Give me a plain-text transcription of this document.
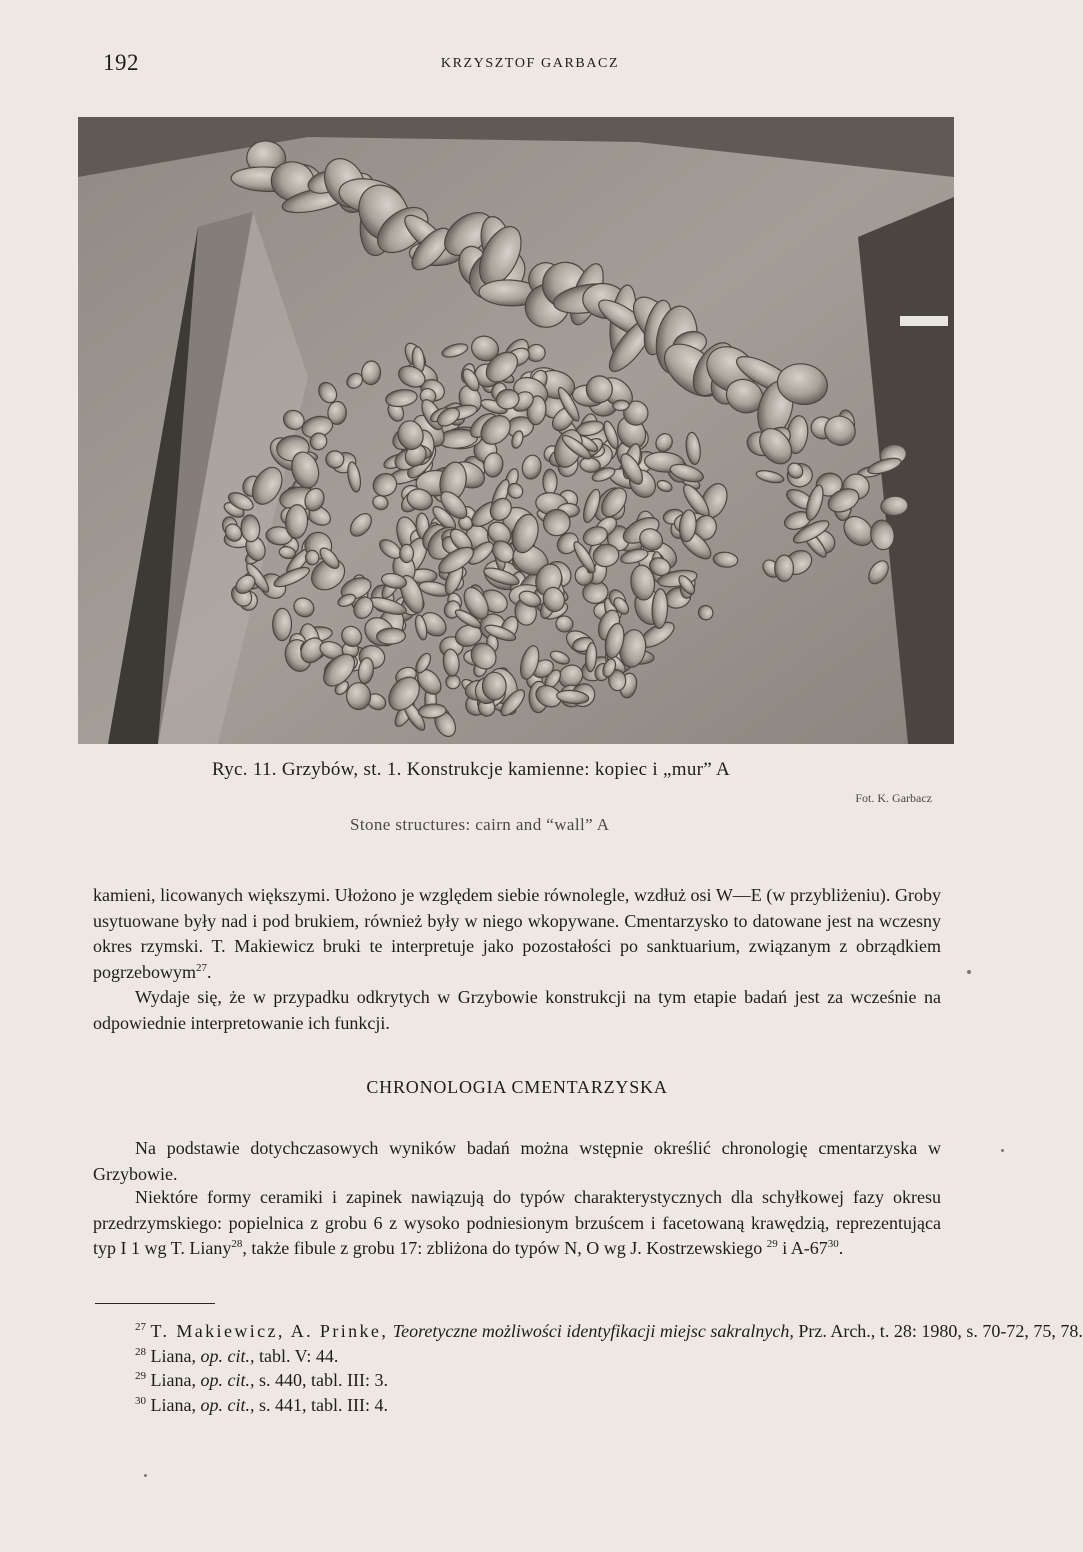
192	KRZYSZTOF GARBACZ
Ryc. 11. Grzybów, st. 1. Konstrukcje kamienne: kopiec i „mur” A
Fot. K. Garbacz
Stone structures: cairn and “wall” A

kamieni, licowanych większymi. Ułożono je względem siebie równolegle, wzdłuż osi W—E (w przybliżeniu). Groby usytuowane były nad i pod brukiem, również były w niego wkopywane. Cmentarzysko to datowane jest na wczesny okres rzymski. T. Makiewicz bruki te interpretuje jako pozostałości po sanktuarium, związanym z obrządkiem pogrzebowym$^{27}$.

Wydaje się, że w przypadku odkrytych w Grzybowie konstrukcji na tym etapie badań jest za wcześnie na odpowiednie interpretowanie ich funkcji.

CHRONOLOGIA CMENTARZYSKA

Na podstawie dotychczasowych wyników badań można wstępnie określić chronologię cmentarzyska w Grzybowie.

Niektóre formy ceramiki i zapinek nawiązują do typów charakterystycznych dla schyłkowej fazy okresu przedrzymskiego: popielnica z grobu 6 z wysoko podniesionym brzuścem i facetowaną krawędzią, reprezentująca typ I 1 wg T. Liany$^{28}$, także fibule z grobu 17: zbliżona do typów N, O wg J. Kostrzewskiego $^{29}$ i $A-67^{30}$.

$^{27}$ T. Makiewicz, A. Prinke, Teoretyczne możliwości identyfikacji miejsc sakralnych, Prz. Arch., t. 28: 1980, s. 70-72, 75, 78.
$^{28}$ Liana, op. cit., tabl. V: 44.
$^{29}$ Liana, op. cit., s. 440, tabl. III: 3.
$^{30}$ Liana, op. cit., s. 441, tabl. III: 4.
